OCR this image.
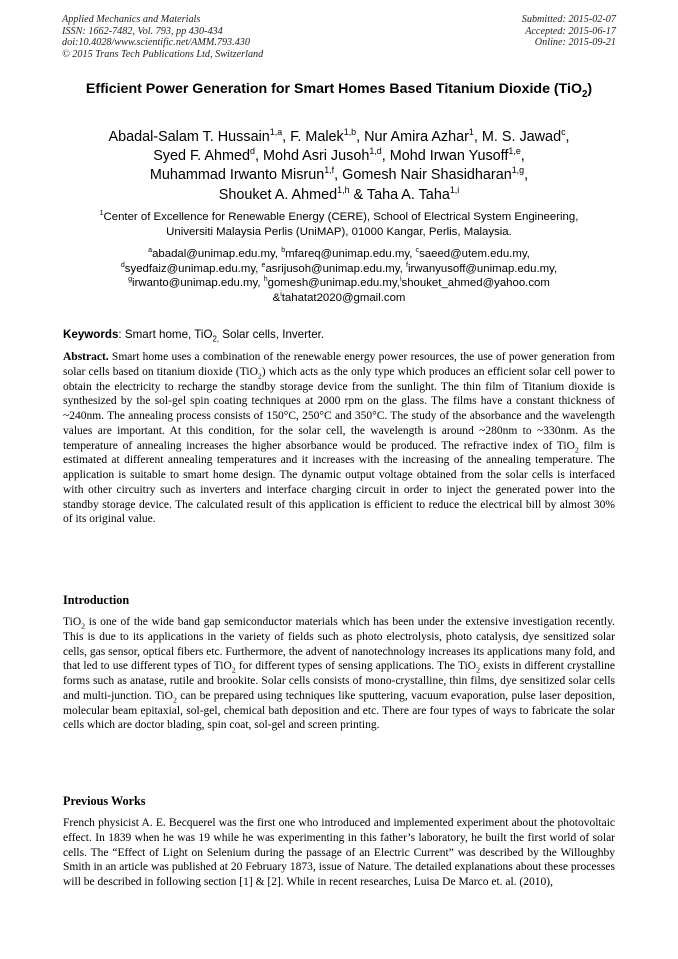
Applied Mechanics and Materials
ISSN: 1662-7482, Vol. 793, pp 430-434
doi:10.4028/www.scientific.net/AMM.793.430
© 2015 Trans Tech Publications Ltd, Switzerland
Submitted: 2015-02-07
Accepted: 2015-06-17
Online: 2015-09-21
Efficient Power Generation for Smart Homes Based Titanium Dioxide (TiO$_2$)
Abadal-Salam T. Hussain$^{1,a}$, F. Malek$^{1,b}$, Nur Amira Azhar$^1$, M. S. Jawad$^c$,
Syed F. Ahmed$^d$, Mohd Asri Jusoh$^{1,d}$, Mohd Irwan Yusoff$^{1,e}$,
Muhammad Irwanto Misrun$^{1,f}$, Gomesh Nair Shasidharan$^{1,g}$,
Shouket A. Ahmed$^{1,h}$ & Taha A. Taha$^{1,i}$
$^1$Center of Excellence for Renewable Energy (CERE), School of Electrical System Engineering,
Universiti Malaysia Perlis (UniMAP), 01000 Kangar, Perlis, Malaysia.
$^a$abadal@unimap.edu.my, $^b$mfareq@unimap.edu.my, $^c$saeed@utem.edu.my,
$^d$syedfaiz@unimap.edu.my, $^e$asrijusoh@unimap.edu.my, $^f$irwanyusoff@unimap.edu.my,
$^g$irwanto@unimap.edu.my, $^h$gomesh@unimap.edu.my,$^i$shouket_ahmed@yahoo.com
&$^i$tahatat2020@gmail.com
Keywords: Smart home, TiO$_{2,}$ Solar cells, Inverter.
Abstract. Smart home uses a combination of the renewable energy power resources, the use of power generation from solar cells based on titanium dioxide (TiO$_2$) which acts as the only type which produces an efficient solar cell power to obtain the electricity to recharge the standby storage device from the sunlight. The thin film of Titanium dioxide is synthesized by the sol-gel spin coating techniques at 2000 rpm on the glass. The films have a constant thickness of ~240nm. The annealing process consists of 150°C, 250°C and 350°C. The study of the absorbance and the wavelength values are important. At this condition, for the solar cell, the wavelength is around ~280nm to ~330nm. As the temperature of annealing increases the higher absorbance would be produced. The refractive index of TiO$_2$ film is estimated at different annealing temperatures and it increases with the increasing of the annealing temperature. The application is suitable to smart home design. The dynamic output voltage obtained from the solar cells is interfaced with other circuitry such as inverters and interface charging circuit in order to inject the generated power into the standby storage device. The calculated result of this application is efficient to reduce the electrical bill by almost 30% of its original value.
Introduction
TiO$_2$ is one of the wide band gap semiconductor materials which has been under the extensive investigation recently. This is due to its applications in the variety of fields such as photo electrolysis, photo catalysis, dye sensitized solar cells, gas sensor, optical fibers etc. Furthermore, the advent of nanotechnology increases its applications many fold, and that led to use different types of TiO$_2$ for different types of sensing applications. The TiO$_2$ exists in different crystalline forms such as anatase, rutile and brookite. Solar cells consists of mono-crystalline, thin films, dye sensitized solar cells and multi-junction. TiO$_2$ can be prepared using techniques like sputtering, vacuum evaporation, pulse laser deposition, molecular beam epitaxial, sol-gel, chemical bath deposition and etc. There are four types of ways to fabricate the solar cells which are doctor blading, spin coat, sol-gel and screen printing.
Previous Works
French physicist A. E. Becquerel was the first one who introduced and implemented experiment about the photovoltaic effect. In 1839 when he was 19 while he was experimenting in this father’s laboratory, he built the first world of solar cells. The “Effect of Light on Selenium during the passage of an Electric Current” was described by the Willoughby Smith in an article was published at 20 February 1873, issue of Nature. The detailed explanations about these processes will be described in following section [1] & [2]. While in recent researches, Luisa De Marco et. al. (2010),
